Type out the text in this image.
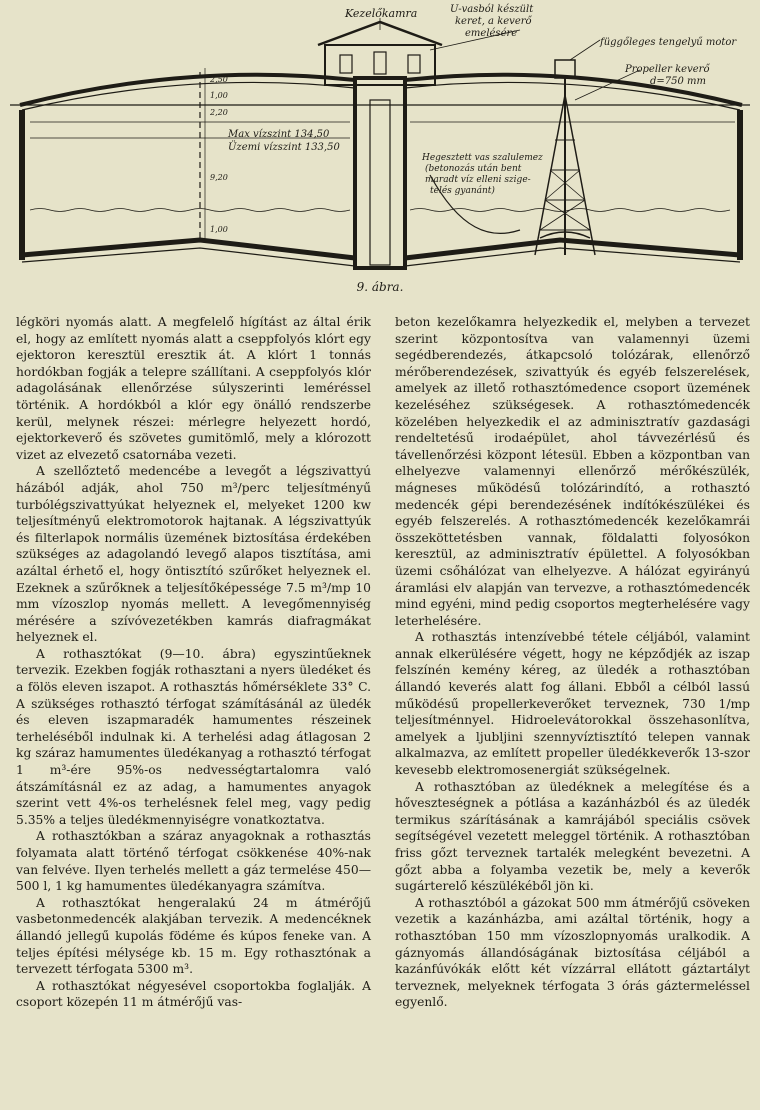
Kezelőkamra	U-vasból készült
keret, a keverő
emelésére
függőleges tengelyű motor
Propeller keverő
d=750 mm
Max vízszint 134,50
Üzemi vízszint 133,50
Hegesztett vas szalulemez
(betonozás után bent
maradt víz elleni szige-
telés gyanánt)
2,50
1,00
2,20
9,20
1,00
9. ábra.

légköri nyomás alatt. A megfelelő hígítást az által érik el, hogy az említett nyomás alatt a cseppfolyós klórt egy ejektoron keresztül eresztik át. A klórt 1 tonnás hordókban fogják a telepre szállítani. A cseppfolyós klór adagolásának ellenőrzése súlyszerinti leméréssel történik. A hordókból a klór egy önálló rendszerbe kerül, melynek részei: mérlegre helyezett hordó, ejektorkeverő és szövetes gumitömlő, mely a klórozott vizet az elvezető csatornába vezeti.

A szellőztető medencébe a levegőt a légszivattyú házából adják, ahol 750 m³/perc teljesítményű turbólégszivattyúkat helyeznek el, melyeket 1200 kw teljesítményű elektromotorok hajtanak. A légszivattyúk és filterlapok normális üzemének biztosítása érdekében szükséges az adagolandó levegő alapos tisztítása, ami azáltal érhető el, hogy öntisztító szűrőket helyeznek el. Ezeknek a szűrőknek a teljesítőképessége 7.5 m³/mp 10 mm vízoszlop nyomás mellett. A levegőmennyiség mérésére a szívóvezetékben kamrás diafragmákat helyeznek el.

A rothasztókat (9—10. ábra) egyszintűeknek tervezik. Ezekben fogják rothasztani a nyers üledéket és a fölös eleven iszapot. A rothasztás hőmérséklete 33° C. A szükséges rothasztó térfogat számításánál az üledék és eleven iszapmaradék hamumentes részeinek terheléséből indulnak ki. A terhelési adag átlagosan 2 kg száraz hamumentes üledékanyag a rothasztó térfogat 1 m³-ére 95%-os nedvességtartalomra való átszámításnál ez az adag, a hamumentes anyagok szerint vett 4%-os terhelésnek felel meg, vagy pedig 5.35% a teljes üledékmennyiségre vonatkoztatva.

A rothasztókban a száraz anyagoknak a rothasztás folyamata alatt történő térfogat csökkenése 40%-nak van felvéve. Ilyen terhelés mellett a gáz termelése 450—500 l, 1 kg hamumentes üledékanyagra számítva.

A rothasztókat hengeralakú 24 m átmérőjű vasbetonmedencék alakjában tervezik. A medencéknek állandó jellegű kupolás födéme és kúpos feneke van. A teljes építési mélysége kb. 15 m. Egy rothasztónak a tervezett térfogata 5300 m³.

A rothasztókat négyesével csoportokba foglalják. A csoport közepén 11 m átmérőjű vas-

beton kezelőkamra helyezkedik el, melyben a tervezet szerint központosítva van valamennyi üzemi segédberendezés, átkapcsoló tolózárak, ellenőrző mérőberendezések, szivattyúk és egyéb felszerelések, amelyek az illető rothasztómedence csoport üzemének kezeléséhez szükségesek. A rothasztómedencék közelében helyezkedik el az adminisztratív gazdasági rendeltetésű irodaépület, ahol távvezérlésű és távellenőrzési központ létesül. Ebben a központban van elhelyezve valamennyi ellenőrző mérőkészülék, mágneses működésű tolózárindító, a rothasztó medencék gépi berendezésének indítókészülékei és egyéb felszerelés. A rothasztómedencék kezelőkamrái összeköttetésben vannak, földalatti folyosókon keresztül, az adminisztratív épülettel. A folyosókban üzemi csőhálózat van elhelyezve. A hálózat egyirányú áramlási elv alapján van tervezve, a rothasztómedencék mind egyéni, mind pedig csoportos megterhelésére vagy leterhelésére.

A rothasztás intenzívebbé tétele céljából, valamint annak elkerülésére végett, hogy ne képződjék az iszap felszínén kemény kéreg, az üledék a rothasztóban állandó keverés alatt fog állani. Ebből a célból lassú működésű propellerkeverőket terveznek, 730 1/mp teljesítménnyel. Hidroelevátorokkal összehasonlítva, amelyek a ljubljini szennyvíztisztító telepen vannak alkalmazva, az említett propeller üledékkeverők 13-szor kevesebb elektromosenergiát szükségelnek.

A rothasztóban az üledéknek a melegítése és a hőveszteségnek a pótlása a kazánházból és az üledék termikus szárításának a kamrájából speciális csövek segítségével vezetett meleggel történik. A rothasztóban friss gőzt terveznek tartalék melegként bevezetni. A gőzt abba a folyamba vezetik be, mely a keverők sugárterelő készülékéből jön ki.

A rothasztóból a gázokat 500 mm átmérőjű csöveken vezetik a kazánházba, ami azáltal történik, hogy a rothasztóban 150 mm vízoszlopnyomás uralkodik. A gáznyomás állandóságának biztosítása céljából a kazánfúvókák előtt két vízzárral ellátott gáztartályt terveznek, melyeknek térfogata 3 órás gáztermeléssel egyenlő.
